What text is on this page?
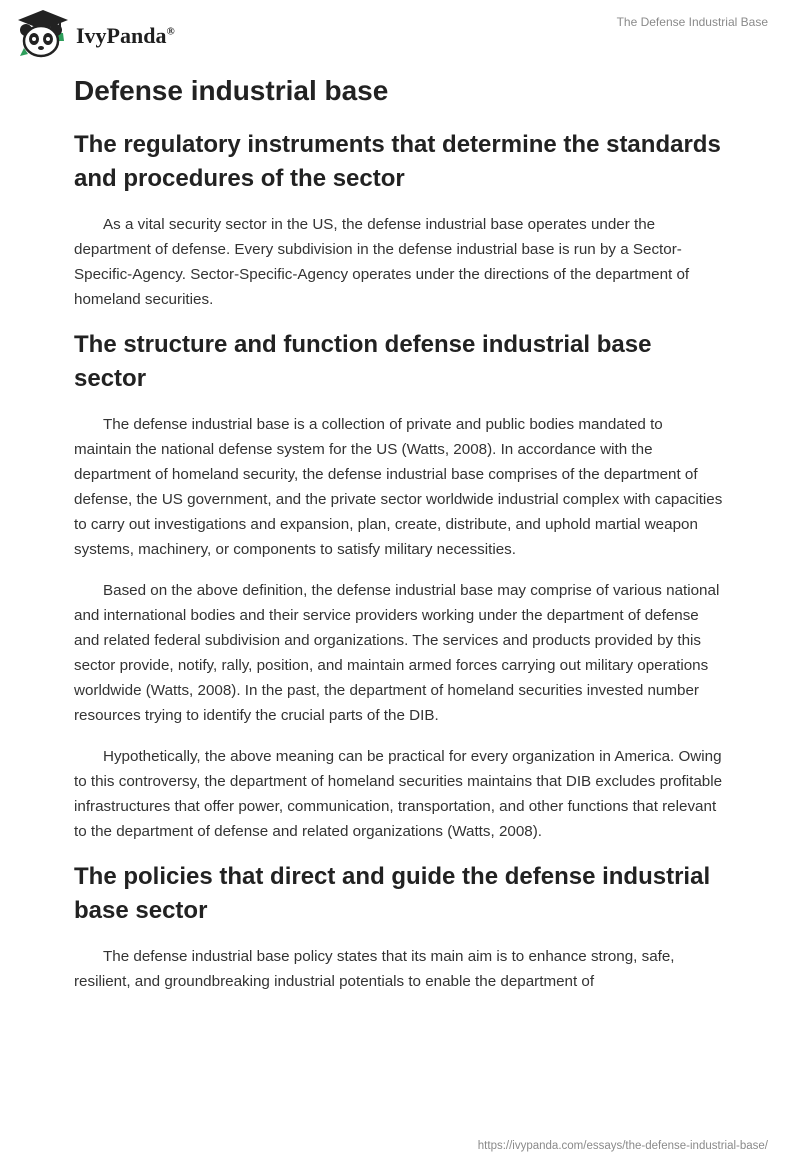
IvyPanda®
The Defense Industrial Base
Defense industrial base
The regulatory instruments that determine the standards and procedures of the sector

As a vital security sector in the US, the defense industrial base operates under the department of defense. Every subdivision in the defense industrial base is run by a Sector-Specific-Agency. Sector-Specific-Agency operates under the directions of the department of homeland securities.

The structure and function defense industrial base sector

The defense industrial base is a collection of private and public bodies mandated to maintain the national defense system for the US (Watts, 2008). In accordance with the department of homeland security, the defense industrial base comprises of the department of defense, the US government, and the private sector worldwide industrial complex with capacities to carry out investigations and expansion, plan, create, distribute, and uphold martial weapon systems, machinery, or components to satisfy military necessities.

Based on the above definition, the defense industrial base may comprise of various national and international bodies and their service providers working under the department of defense and related federal subdivision and organizations. The services and products provided by this sector provide, notify, rally, position, and maintain armed forces carrying out military operations worldwide (Watts, 2008). In the past, the department of homeland securities invested number resources trying to identify the crucial parts of the DIB.

Hypothetically, the above meaning can be practical for every organization in America. Owing to this controversy, the department of homeland securities maintains that DIB excludes profitable infrastructures that offer power, communication, transportation, and other functions that relevant to the department of defense and related organizations (Watts, 2008).

The policies that direct and guide the defense industrial base sector

The defense industrial base policy states that its main aim is to enhance strong, safe, resilient, and groundbreaking industrial potentials to enable the department of

https://ivypanda.com/essays/the-defense-industrial-base/
